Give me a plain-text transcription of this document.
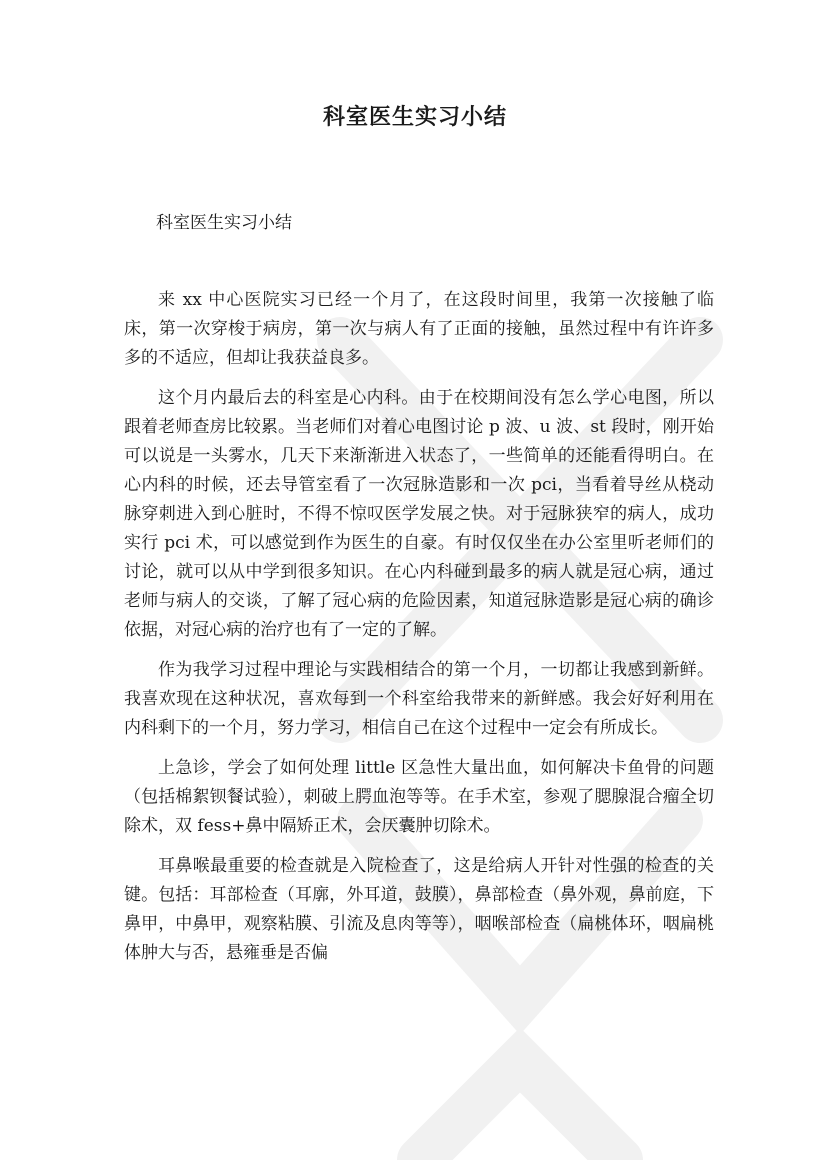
科室医生实习小结
科室医生实习小结

来 xx 中心医院实习已经一个月了，在这段时间里，我第一次接触了临床，第一次穿梭于病房，第一次与病人有了正面的接触，虽然过程中有许许多多的不适应，但却让我获益良多。

这个月内最后去的科室是心内科。由于在校期间没有怎么学心电图，所以跟着老师查房比较累。当老师们对着心电图讨论 p 波、u 波、st 段时，刚开始可以说是一头雾水，几天下来渐渐进入状态了，一些简单的还能看得明白。在心内科的时候，还去导管室看了一次冠脉造影和一次 pci，当看着导丝从桡动脉穿刺进入到心脏时，不得不惊叹医学发展之快。对于冠脉狭窄的病人，成功实行 pci 术，可以感觉到作为医生的自豪。有时仅仅坐在办公室里听老师们的讨论，就可以从中学到很多知识。在心内科碰到最多的病人就是冠心病，通过老师与病人的交谈，了解了冠心病的危险因素，知道冠脉造影是冠心病的确诊依据，对冠心病的治疗也有了一定的了解。

作为我学习过程中理论与实践相结合的第一个月，一切都让我感到新鲜。我喜欢现在这种状况，喜欢每到一个科室给我带来的新鲜感。我会好好利用在内科剩下的一个月，努力学习，相信自己在这个过程中一定会有所成长。

上急诊，学会了如何处理 little 区急性大量出血，如何解决卡鱼骨的问题（包括棉絮钡餐试验），刺破上腭血泡等等。在手术室，参观了腮腺混合瘤全切除术，双 fess+鼻中隔矫正术，会厌囊肿切除术。

耳鼻喉最重要的检查就是入院检查了，这是给病人开针对性强的检查的关键。包括：耳部检查（耳廓，外耳道，鼓膜），鼻部检查（鼻外观，鼻前庭，下鼻甲，中鼻甲，观察粘膜、引流及息肉等等），咽喉部检查（扁桃体环，咽扁桃体肿大与否，悬雍垂是否偏
